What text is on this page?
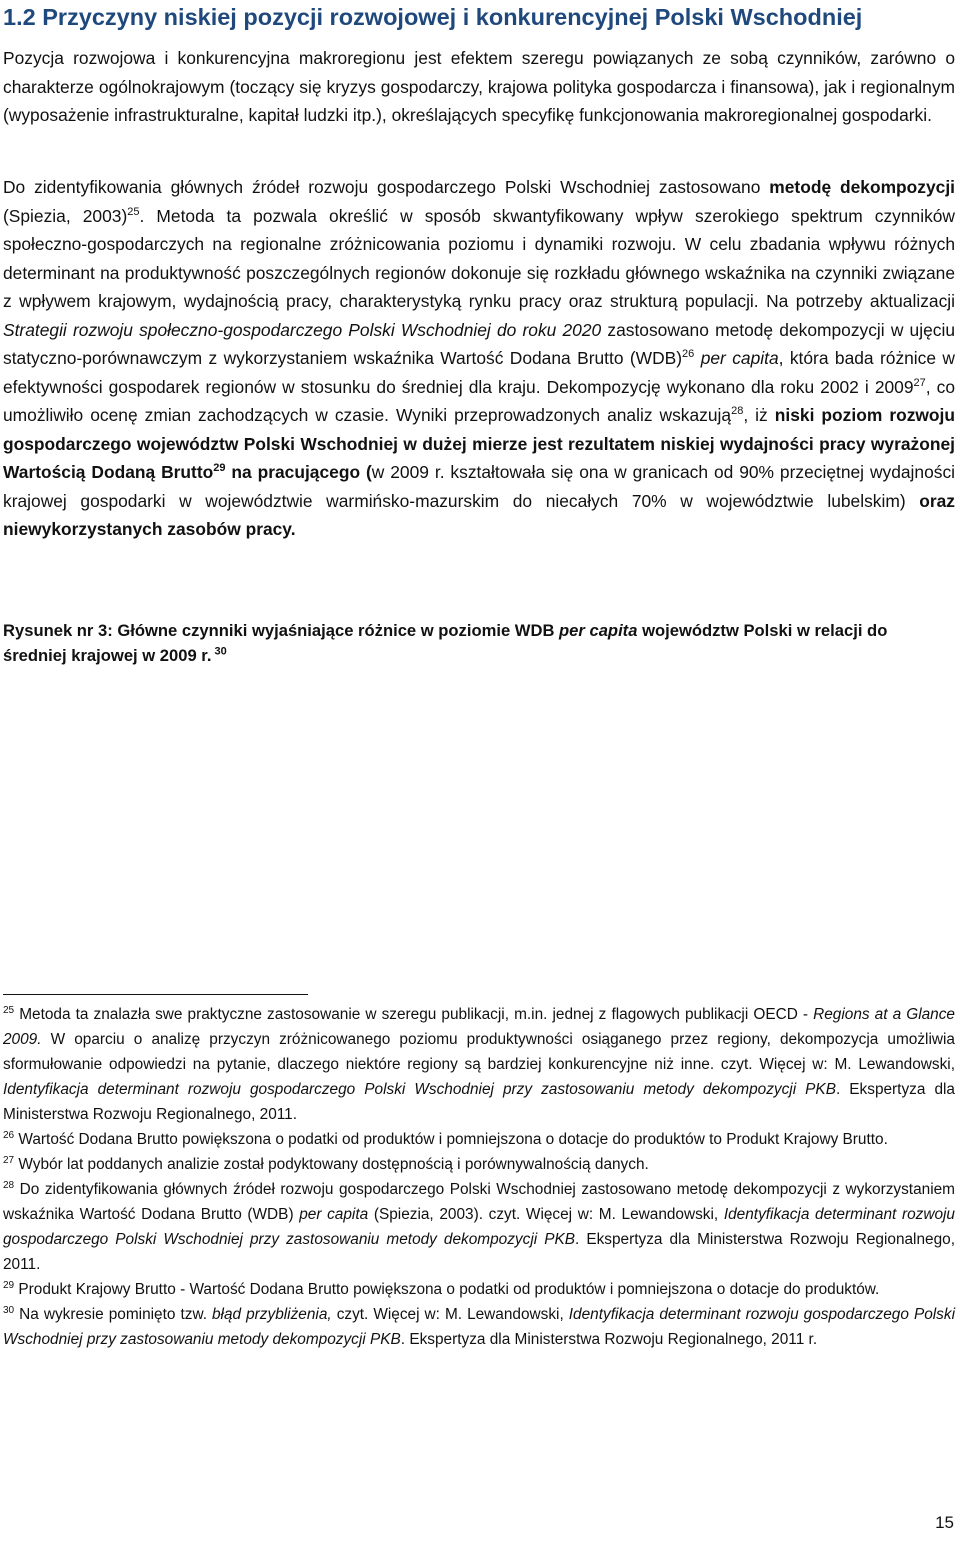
1.2 Przyczyny niskiej pozycji rozwojowej i konkurencyjnej Polski Wschodniej

Pozycja rozwojowa i konkurencyjna makroregionu jest efektem szeregu powiązanych ze sobą czynników, zarówno o charakterze ogólnokrajowym (toczący się kryzys gospodarczy, krajowa polityka gospodarcza i finansowa), jak i regionalnym (wyposażenie infrastrukturalne, kapitał ludzki itp.), określających specyfikę funkcjonowania makroregionalnej gospodarki.

Do zidentyfikowania głównych źródeł rozwoju gospodarczego Polski Wschodniej zastosowano metodę dekompozycji (Spiezia, 2003)$^{25}$. Metoda ta pozwala określić w sposób skwantyfikowany wpływ szerokiego spektrum czynników społeczno-gospodarczych na regionalne zróżnicowania poziomu i dynamiki rozwoju. W celu zbadania wpływu różnych determinant na produktywność poszczególnych regionów dokonuje się rozkładu głównego wskaźnika na czynniki związane z wpływem krajowym, wydajnością pracy, charakterystyką rynku pracy oraz strukturą populacji. Na potrzeby aktualizacji Strategii rozwoju społeczno-gospodarczego Polski Wschodniej do roku 2020 zastosowano metodę dekompozycji w ujęciu statyczno-porównawczym z wykorzystaniem wskaźnika Wartość Dodana Brutto (WDB)$^{26}$ per capita, która bada różnice w efektywności gospodarek regionów w stosunku do średniej dla kraju. Dekompozycję wykonano dla roku 2002 i 2009$^{27}$, co umożliwiło ocenę zmian zachodzących w czasie. Wyniki przeprowadzonych analiz wskazują$^{28}$, iż niski poziom rozwoju gospodarczego województw Polski Wschodniej w dużej mierze jest rezultatem niskiej wydajności pracy wyrażonej Wartością Dodaną Brutto$^{29}$ na pracującego (w 2009 r. kształtowała się ona w granicach od 90% przeciętnej wydajności krajowej gospodarki w województwie warmińsko-mazurskim do niecałych 70% w województwie lubelskim) oraz niewykorzystanych zasobów pracy.

Rysunek nr 3: Główne czynniki wyjaśniające różnice w poziomie WDB per capita województw Polski w relacji do średniej krajowej w 2009 r. $^{30}$

$^{25}$ Metoda ta znalazła swe praktyczne zastosowanie w szeregu publikacji, m.in. jednej z flagowych publikacji OECD - Regions at a Glance 2009. W oparciu o analizę przyczyn zróżnicowanego poziomu produktywności osiąganego przez regiony, dekompozycja umożliwia sformułowanie odpowiedzi na pytanie, dlaczego niektóre regiony są bardziej konkurencyjne niż inne. czyt. Więcej w: M. Lewandowski, Identyfikacja determinant rozwoju gospodarczego Polski Wschodniej przy zastosowaniu metody dekompozycji PKB. Ekspertyza dla Ministerstwa Rozwoju Regionalnego, 2011.

$^{26}$ Wartość Dodana Brutto powiększona o podatki od produktów i pomniejszona o dotacje do produktów to Produkt Krajowy Brutto.

$^{27}$ Wybór lat poddanych analizie został podyktowany dostępnością i porównywalnością danych.

$^{28}$ Do zidentyfikowania głównych źródeł rozwoju gospodarczego Polski Wschodniej zastosowano metodę dekompozycji z wykorzystaniem wskaźnika Wartość Dodana Brutto (WDB) per capita (Spiezia, 2003). czyt. Więcej w: M. Lewandowski, Identyfikacja determinant rozwoju gospodarczego Polski Wschodniej przy zastosowaniu metody dekompozycji PKB. Ekspertyza dla Ministerstwa Rozwoju Regionalnego, 2011.

$^{29}$ Produkt Krajowy Brutto - Wartość Dodana Brutto powiększona o podatki od produktów i pomniejszona o dotacje do produktów.

$^{30}$ Na wykresie pominięto tzw. błąd przybliżenia, czyt. Więcej w: M. Lewandowski, Identyfikacja determinant rozwoju gospodarczego Polski Wschodniej przy zastosowaniu metody dekompozycji PKB. Ekspertyza dla Ministerstwa Rozwoju Regionalnego, 2011 r.

15
